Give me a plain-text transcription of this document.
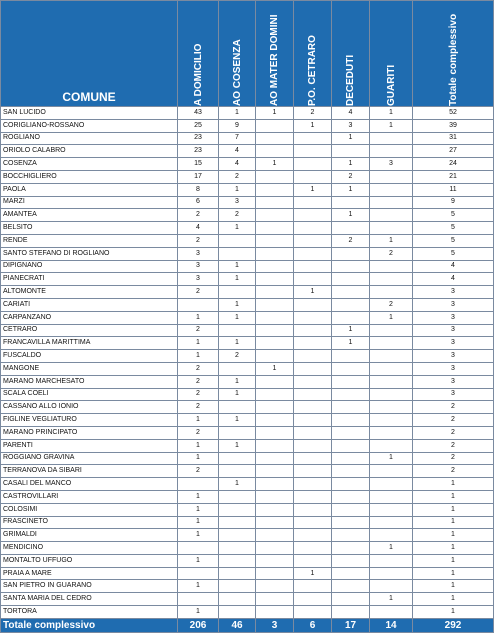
COMUNE	A DOMICILIO	AO COSENZA	AO MATER DOMINI	P.O. CETRARO	DECEDUTI	GUARITI	Totale complessivo

SAN LUCIDO	43	1	1	2	4	1	52
CORIGLIANO-ROSSANO	25	9		1	3	1	39
ROGLIANO	23	7			1		31
ORIOLO CALABRO	23	4					27
COSENZA	15	4	1		1	3	24
BOCCHIGLIERO	17	2			2		21
PAOLA	8	1		1	1		11
MARZI	6	3					9
AMANTEA	2	2			1		5
BELSITO	4	1					5
RENDE	2				2	1	5
SANTO STEFANO DI ROGLIANO	3					2	5
DIPIGNANO	3	1					4
PIANECRATI	3	1					4
ALTOMONTE	2			1			3
CARIATI		1				2	3
CARPANZANO	1	1				1	3
CETRARO	2				1		3
FRANCAVILLA MARITTIMA	1	1			1		3
FUSCALDO	1	2					3
MANGONE	2		1				3
MARANO MARCHESATO	2	1					3
SCALA COELI	2	1					3
CASSANO ALLO IONIO	2						2
FIGLINE VEGLIATURO	1	1					2
MARANO PRINCIPATO	2						2
PARENTI	1	1					2
ROGGIANO GRAVINA	1					1	2
TERRANOVA DA SIBARI	2						2
CASALI DEL MANCO		1					1
CASTROVILLARI	1						1
COLOSIMI	1						1
FRASCINETO	1						1
GRIMALDI	1						1
MENDICINO						1	1
MONTALTO UFFUGO	1						1
PRAIA A MARE				1			1
SAN PIETRO IN GUARANO	1						1
SANTA MARIA DEL CEDRO						1	1
TORTORA	1						1
Totale complessivo	206	46	3	6	17	14	292
